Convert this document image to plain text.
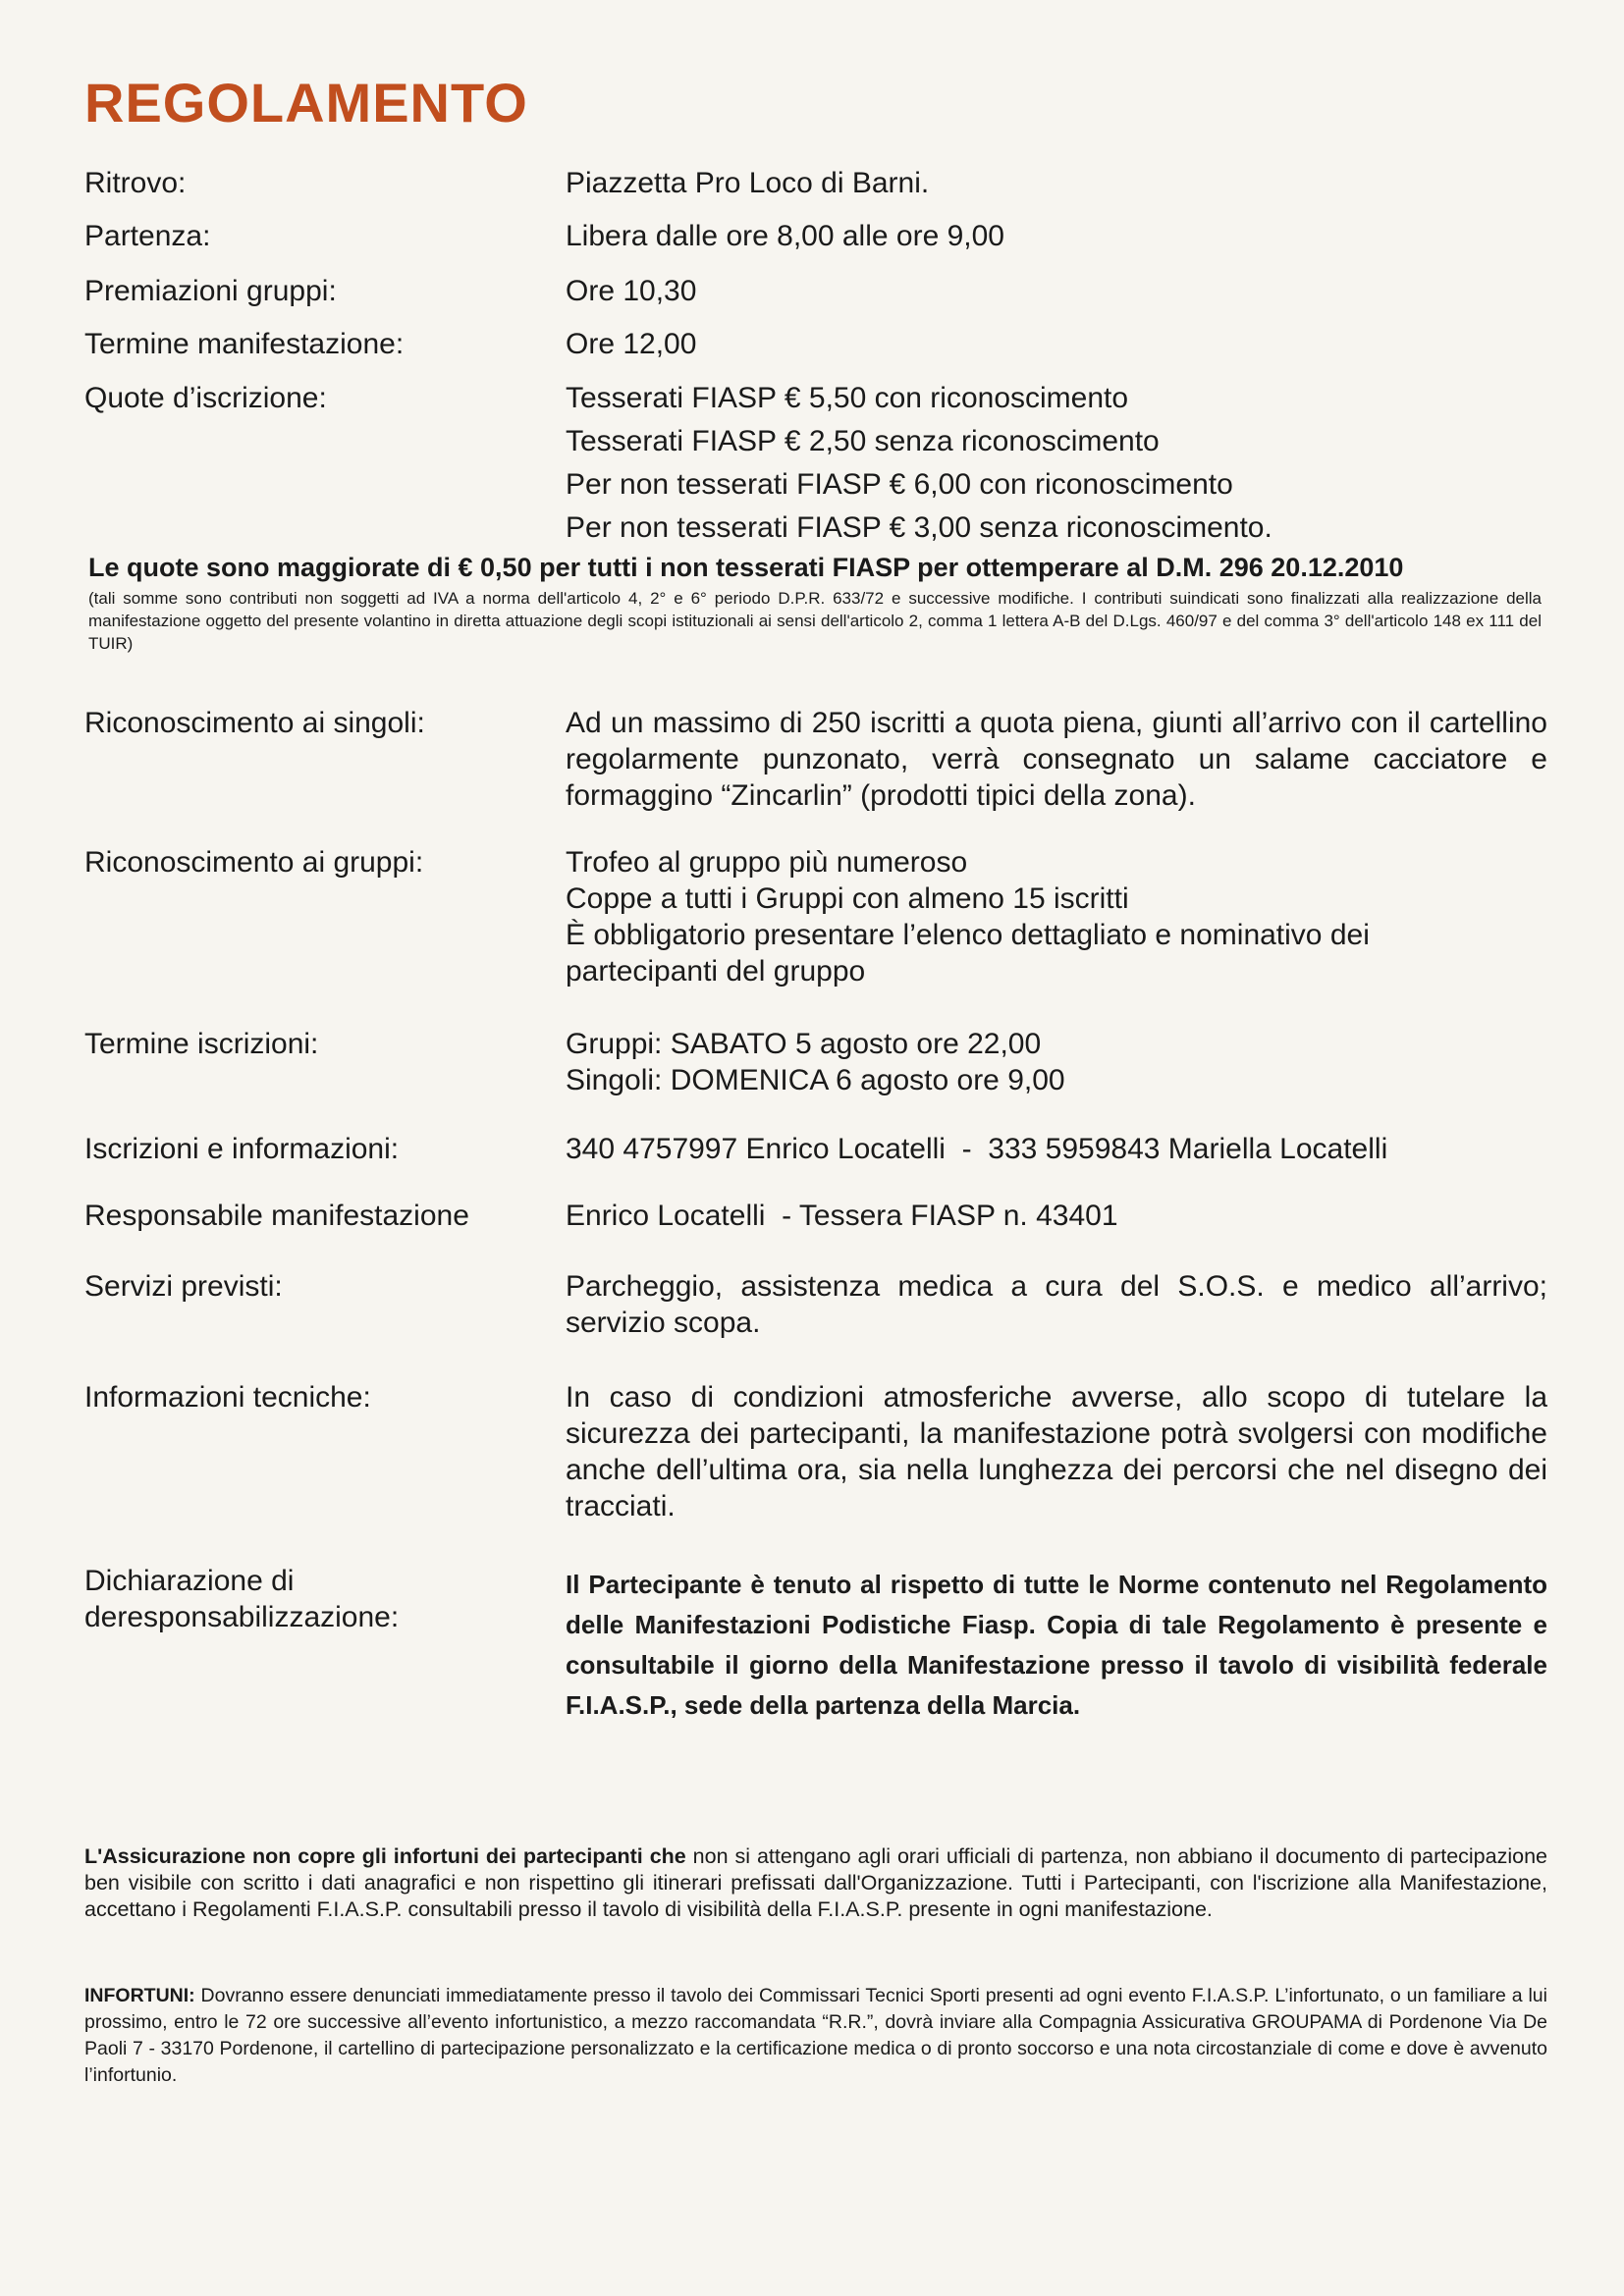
REGOLAMENTO
Ritrovo:	Piazzetta Pro Loco di Barni.
Partenza:	Libera dalle ore 8,00 alle ore 9,00
Premiazioni gruppi:	Ore 10,30
Termine manifestazione:	Ore 12,00
Quote d’iscrizione:	Tesserati FIASP € 5,50 con riconoscimento
Tesserati FIASP € 2,50 senza riconoscimento
Per non tesserati FIASP € 6,00 con riconoscimento
Per non tesserati FIASP € 3,00 senza riconoscimento.
Le quote sono maggiorate di € 0,50 per tutti i non tesserati FIASP per ottemperare al D.M. 296 20.12.2010
(tali somme sono contributi non soggetti ad IVA a norma dell'articolo 4, 2° e 6° periodo D.P.R. 633/72 e successive modifiche. I contributi suindicati sono finalizzati alla realizzazione della manifestazione oggetto del presente volantino in diretta attuazione degli scopi istituzionali ai sensi dell'articolo 2, comma 1 lettera A-B del D.Lgs. 460/97 e del comma 3° dell'articolo 148 ex 111 del TUIR)
Riconoscimento ai singoli:	Ad un massimo di 250 iscritti a quota piena, giunti all’arrivo con il cartellino regolarmente punzonato, verrà consegnato un salame cacciatore e formaggino “Zincarlin” (prodotti tipici della zona).
Riconoscimento ai gruppi:	Trofeo al gruppo più numeroso
Coppe a tutti i Gruppi con almeno 15 iscritti
È obbligatorio presentare l’elenco dettagliato e nominativo dei
partecipanti del gruppo
Termine iscrizioni:	Gruppi: SABATO 5 agosto ore 22,00
Singoli: DOMENICA 6 agosto ore 9,00
Iscrizioni e informazioni:	340 4757997 Enrico Locatelli  -  333 5959843 Mariella Locatelli
Responsabile manifestazione	Enrico Locatelli  - Tessera FIASP n. 43401
Servizi previsti:	Parcheggio, assistenza medica a cura del S.O.S. e medico all’arrivo; servizio scopa.
Informazioni tecniche:	In caso di condizioni atmosferiche avverse, allo scopo di tutelare la sicurezza dei partecipanti, la manifestazione potrà svolgersi con modifiche anche dell’ultima ora, sia nella lunghezza dei percorsi che nel disegno dei tracciati.
Dichiarazione di
deresponsabilizzazione:
Il Partecipante è tenuto al rispetto di tutte le Norme contenuto nel Regolamento delle Manifestazioni Podistiche Fiasp. Copia di tale Regolamento è presente e consultabile il giorno della Manifestazione presso il tavolo di visibilità federale F.I.A.S.P., sede della partenza della Marcia.
L'Assicurazione non copre gli infortuni dei partecipanti che non si attengano agli orari ufficiali di partenza, non abbiano il documento di partecipazione ben visibile con scritto i dati anagrafici e non rispettino gli itinerari prefissati dall'Organizzazione. Tutti i Partecipanti, con l'iscrizione alla Manifestazione, accettano i Regolamenti F.I.A.S.P. consultabili presso il tavolo di visibilità della F.I.A.S.P. presente in ogni manifestazione.
INFORTUNI: Dovranno essere denunciati immediatamente presso il tavolo dei Commissari Tecnici Sporti presenti ad ogni evento F.I.A.S.P. L’infortunato, o un familiare a lui prossimo, entro le 72 ore successive all’evento infortunistico, a mezzo raccomandata “R.R.”, dovrà inviare alla Compagnia Assicurativa GROUPAMA di Pordenone Via De Paoli 7 - 33170 Pordenone, il cartellino di partecipazione personalizzato e la certificazione medica o di pronto soccorso e una nota circostanziale di come e dove è avvenuto l’infortunio.
